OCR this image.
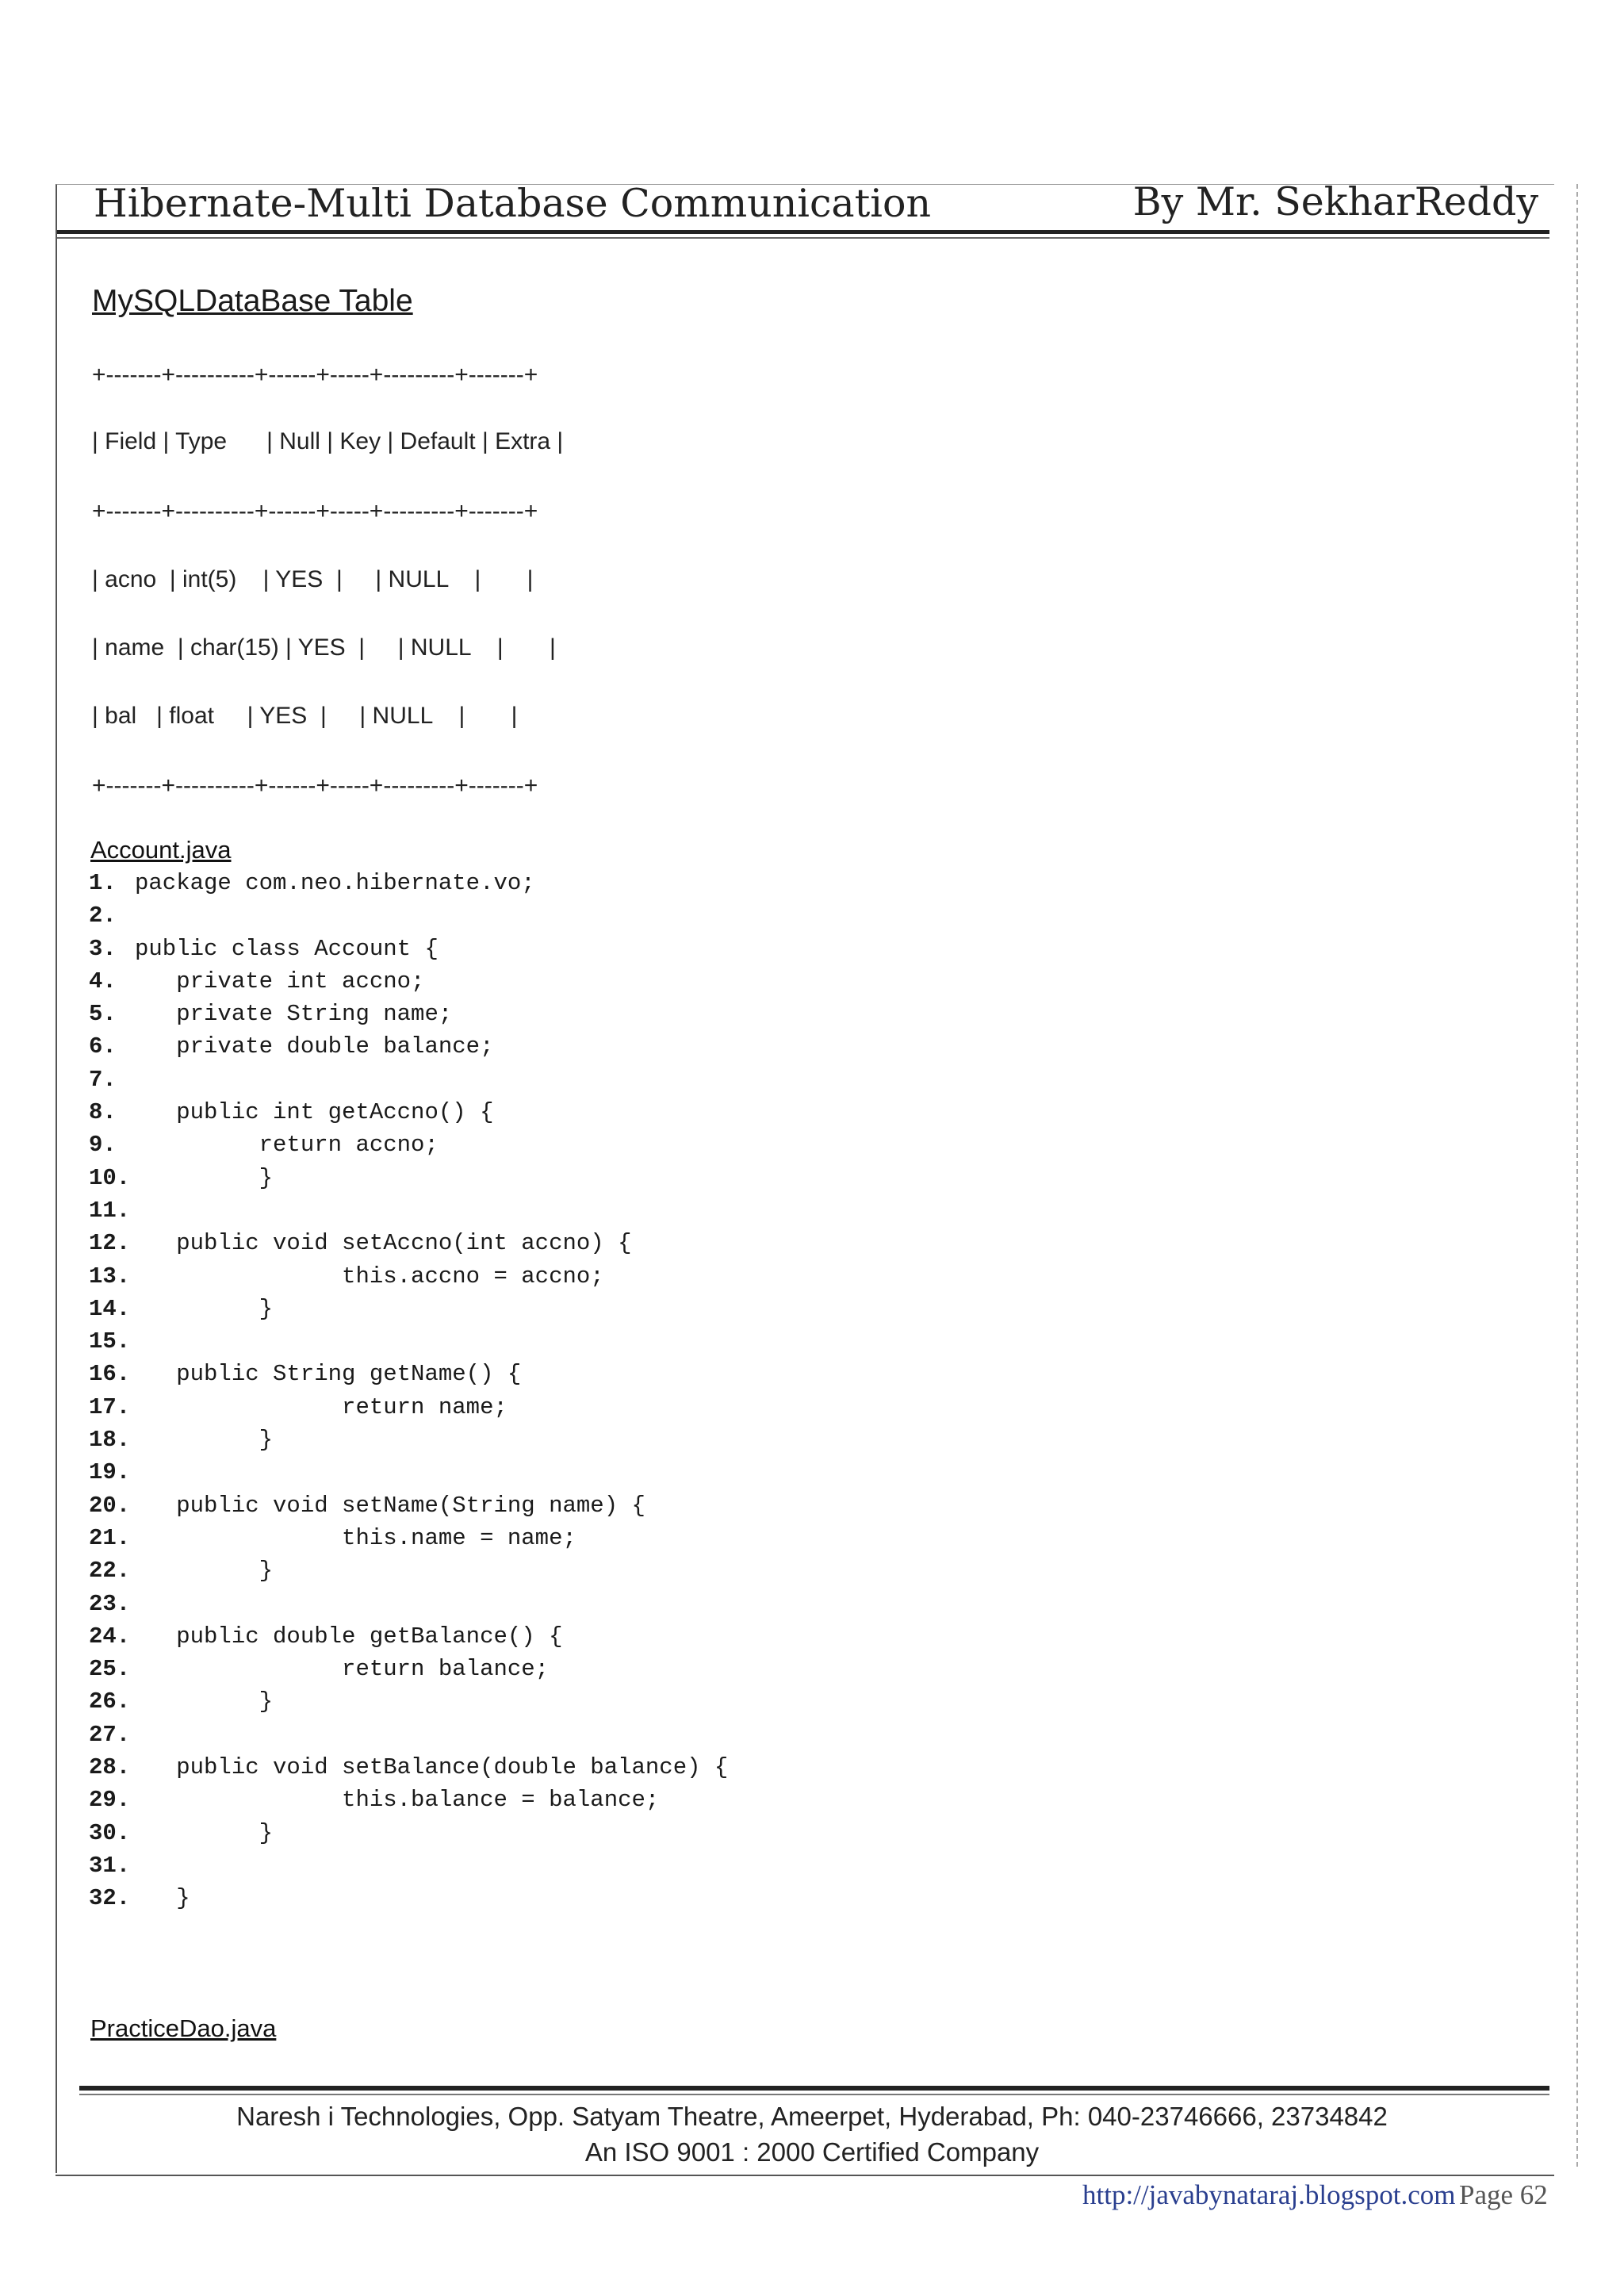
Hibernate-Multi Database Communication	By Mr. SekharReddy
MySQLDataBase Table
+-------+----------+------+-----+---------+-------+
| Field | Type      | Null | Key | Default | Extra |
+-------+----------+------+-----+---------+-------+
| acno  | int(5)    | YES  |     | NULL    |       |
| name  | char(15) | YES  |     | NULL    |       |
| bal   | float     | YES  |     | NULL    |       |
+-------+----------+------+-----+---------+-------+
Account.java
1. package com.neo.hibernate.vo;
2.
3. public class Account {
4.   private int accno;
5.   private String name;
6.   private double balance;
7.
8.   public int getAccno() {
9.         return accno;
10.         }
11.
12.   public void setAccno(int accno) {
13.               this.accno = accno;
14.         }
15.
16.   public String getName() {
17.               return name;
18.         }
19.
20.   public void setName(String name) {
21.               this.name = name;
22.         }
23.
24.   public double getBalance() {
25.               return balance;
26.         }
27.
28.   public void setBalance(double balance) {
29.               this.balance = balance;
30.         }
31.
32.   }
PracticeDao.java
Naresh i Technologies, Opp. Satyam Theatre, Ameerpet, Hyderabad, Ph: 040-23746666, 23734842
An ISO 9001 : 2000 Certified Company
http://javabynataraj.blogspot.com Page 62
